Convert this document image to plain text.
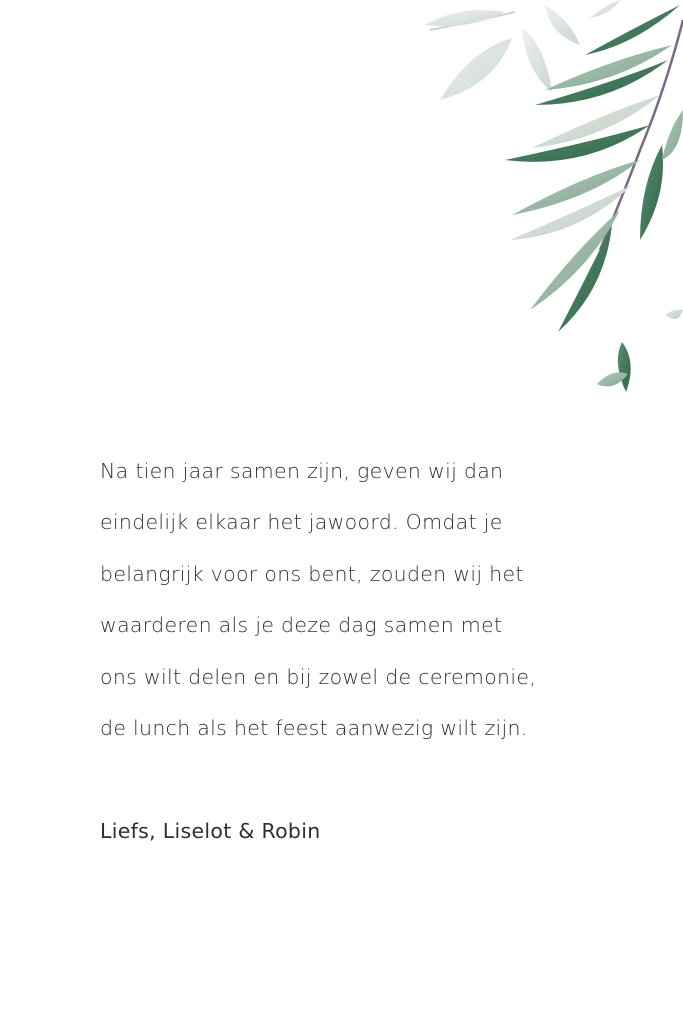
Na tien jaar samen zijn, geven wij dan
eindelijk elkaar het jawoord. Omdat je
belangrijk voor ons bent, zouden wij het
waarderen als je deze dag samen met
ons wilt delen en bij zowel de ceremonie,
de lunch als het feest aanwezig wilt zijn.
Liefs, Liselot & Robin
